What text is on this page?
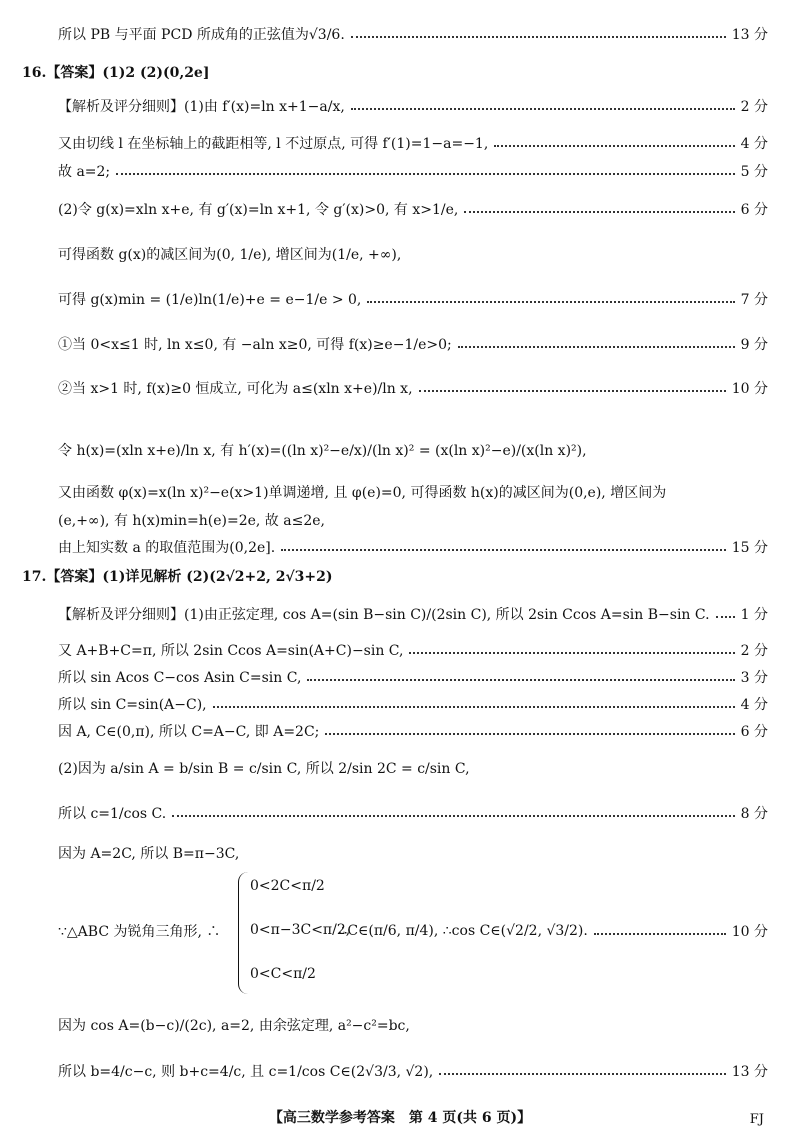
所以 PB 与平面 PCD 所成角的正弦值为√3/6.	13 分
16.【答案】(1)2 (2)(0,2e]
【解析及评分细则】(1)由 f′(x)=ln x+1−a/x,	2 分
又由切线 l 在坐标轴上的截距相等, l 不过原点, 可得 f′(1)=1−a=−1,	4 分
故 a=2;	5 分
(2)令 g(x)=xln x+e, 有 g′(x)=ln x+1, 令 g′(x)>0, 有 x>1/e,	6 分
可得函数 g(x)的减区间为(0, 1/e), 增区间为(1/e, +∞),
可得 g(x)min = (1/e)ln(1/e)+e = e−1/e > 0,	7 分
①当 0<x≤1 时, ln x≤0, 有 −aln x≥0, 可得 f(x)≥e−1/e>0;	9 分
②当 x>1 时, f(x)≥0 恒成立, 可化为 a≤(xln x+e)/ln x,	10 分
令 h(x)=(xln x+e)/ln x, 有 h′(x)=((ln x)²−e/x)/(ln x)² = (x(ln x)²−e)/(x(ln x)²),
又由函数 φ(x)=x(ln x)²−e(x>1)单调递增, 且 φ(e)=0, 可得函数 h(x)的减区间为(0,e), 增区间为
(e,+∞), 有 h(x)min=h(e)=2e, 故 a≤2e,
由上知实数 a 的取值范围为(0,2e].	15 分
17.【答案】(1)详见解析 (2)(2√2+2, 2√3+2)
【解析及评分细则】(1)由正弦定理, cos A=(sin B−sin C)/(2sin C), 所以 2sin Ccos A=sin B−sin C. 1 分
又 A+B+C=π, 所以 2sin Ccos A=sin(A+C)−sin C,	2 分
所以 sin Acos C−cos Asin C=sin C,	3 分
所以 sin C=sin(A−C),	4 分
因 A, C∈(0,π), 所以 C=A−C, 即 A=2C;	6 分
(2)因为 a/sin A = b/sin B = c/sin C, 所以 2/sin 2C = c/sin C,
所以 c=1/cos C.	8 分
因为 A=2C, 所以 B=π−3C,
∵△ABC 为锐角三角形, ∴	∴C∈(π/6, π/4), ∴cos C∈(√2/2, √3/2).	10 分
0<2C<π/2
0<π−3C<π/2,
0<C<π/2
因为 cos A=(b−c)/(2c), a=2, 由余弦定理, a²−c²=bc,
所以 b=4/c−c, 则 b+c=4/c, 且 c=1/cos C∈(2√3/3, √2),	13 分
【高三数学参考答案　第 4 页(共 6 页)】	FJ
